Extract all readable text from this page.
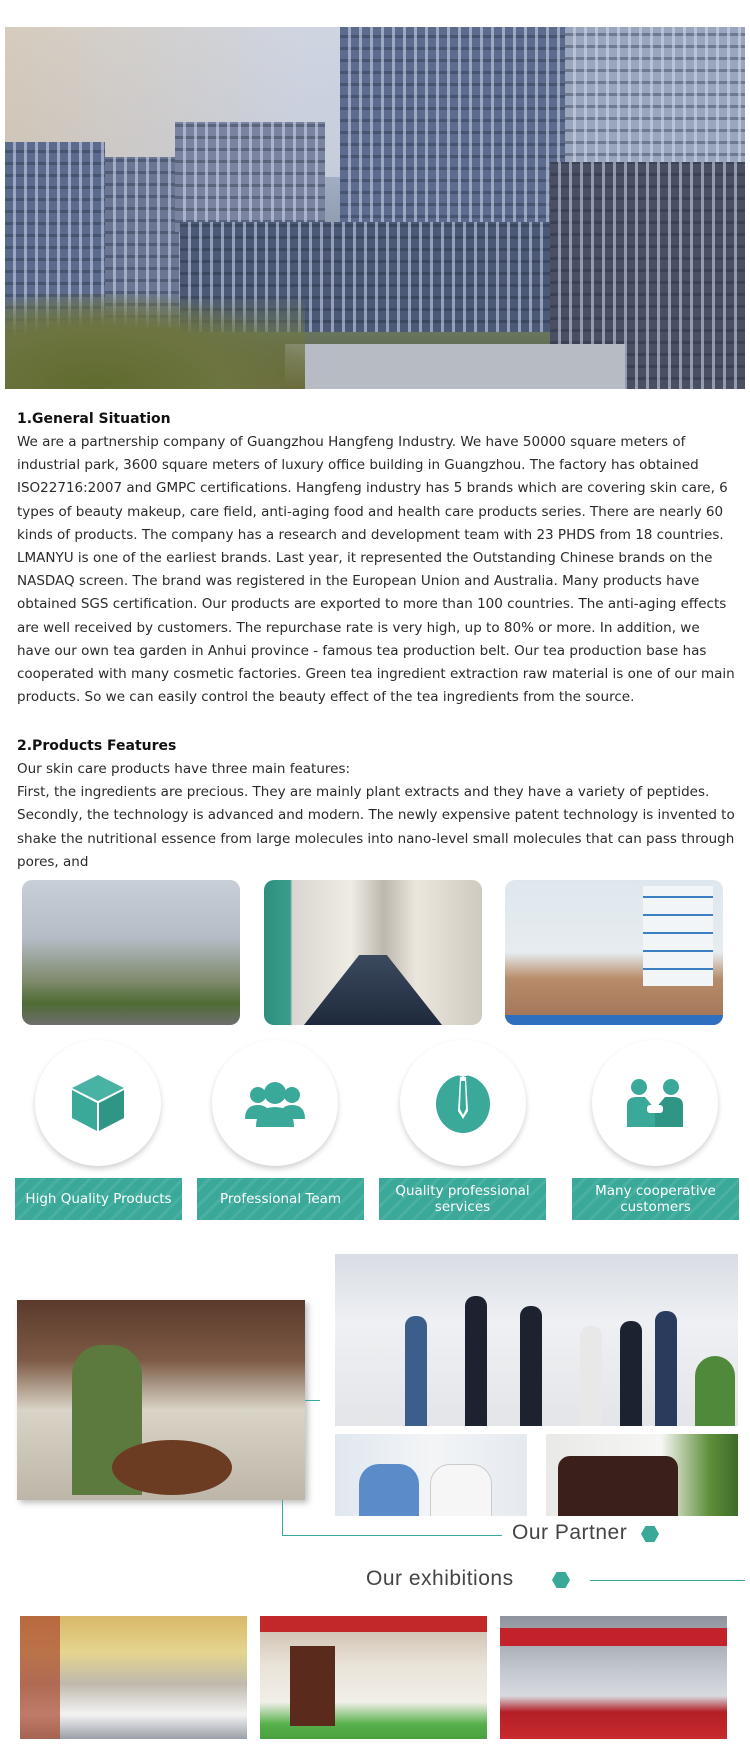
1.General Situation

We are a partnership company of Guangzhou Hangfeng Industry. We have 50000 square meters of industrial park, 3600 square meters of luxury office building in Guangzhou. The factory has obtained ISO22716:2007 and GMPC certifications. Hangfeng industry has 5 brands which are covering skin care, 6 types of beauty makeup, care field, anti-aging food and health care products series. There are nearly 60 kinds of products. The company has a research and development team with 23 PHDS from 18 countries. LMANYU is one of the earliest brands. Last year, it represented the Outstanding Chinese brands on the NASDAQ screen. The brand was registered in the European Union and Australia. Many products have obtained SGS certification. Our products are exported to more than 100 countries. The anti-aging effects are well received by customers. The repurchase rate is very high, up to 80% or more. In addition, we have our own tea garden in Anhui province - famous tea production belt. Our tea production base has cooperated with many cosmetic factories. Green tea ingredient extraction raw material is one of our main products. So we can easily control the beauty effect of the tea ingredients from the source.

2.Products Features

Our skin care products have three main features:

First, the ingredients are precious. They are mainly plant extracts and they have a variety of peptides.

Secondly, the technology is advanced and modern. The newly expensive patent technology is invented to shake the nutritional essence from large molecules into nano-level small molecules that can pass through pores, and

High Quality Products	Professional Team	Quality professional services
Many cooperative customers
Our Partner
Our exhibitions
